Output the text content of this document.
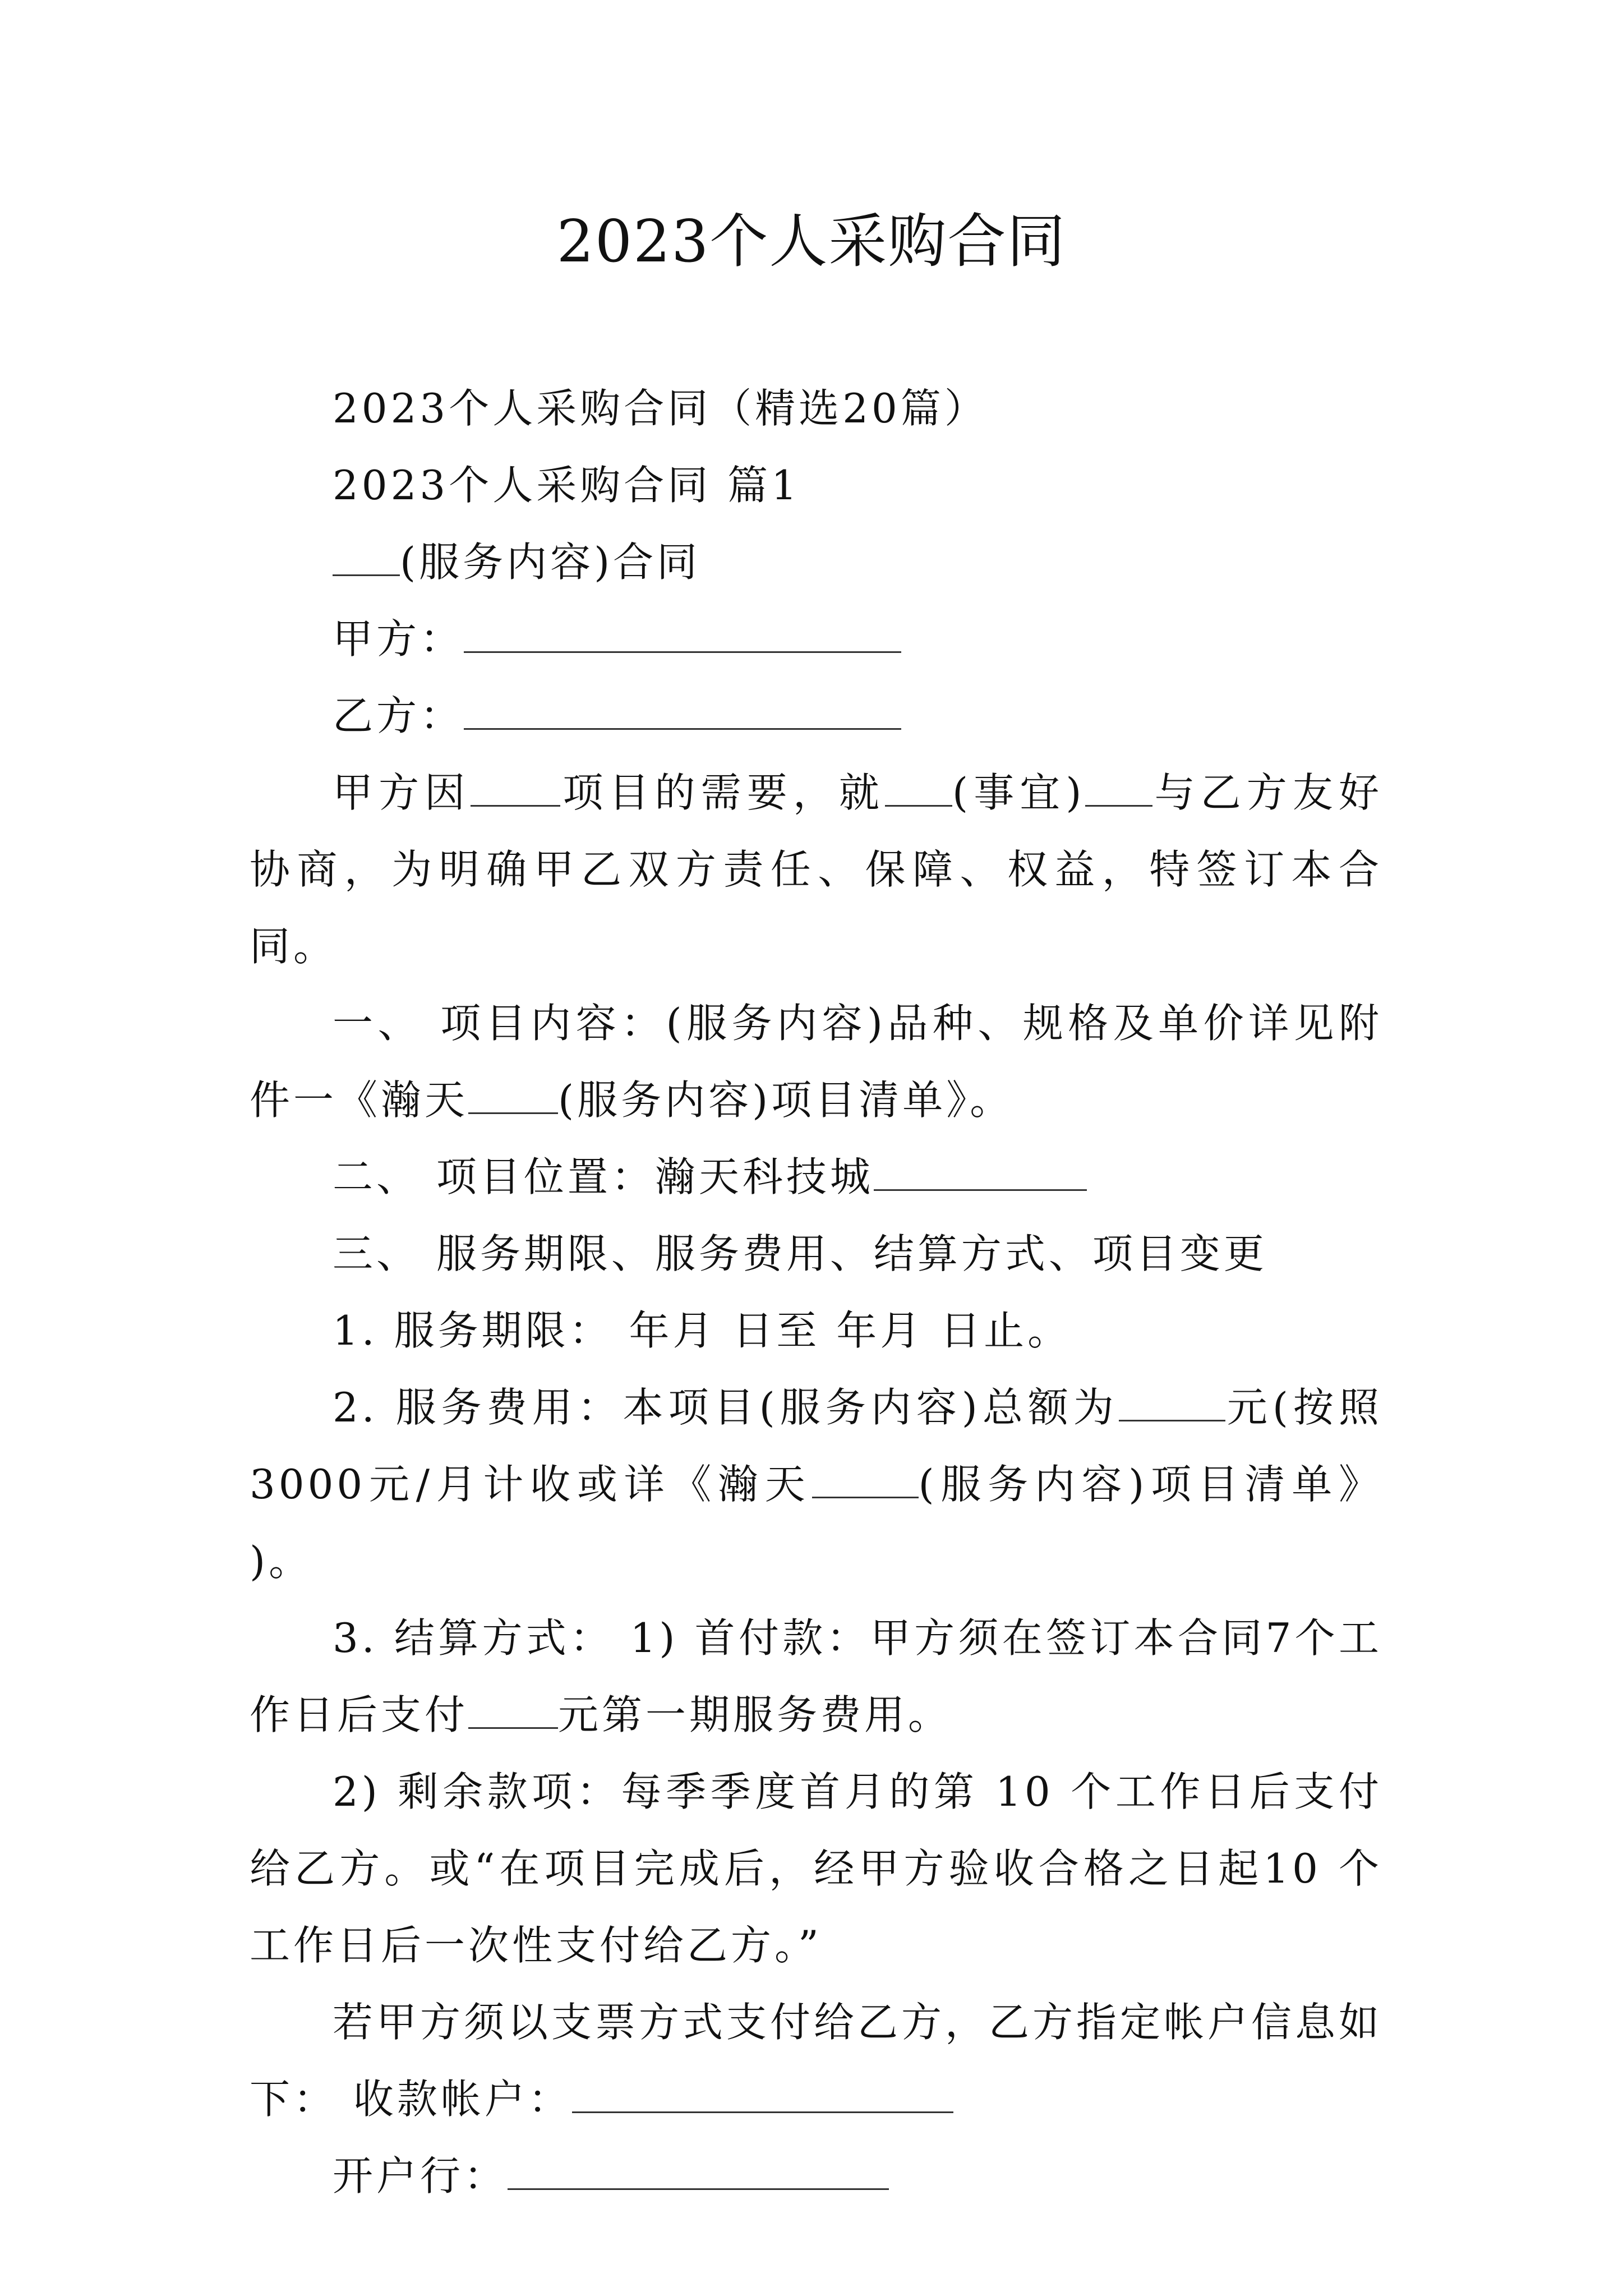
2023个人采购合同

2023个人采购合同（精选20篇）

2023个人采购合同 篇1

(服务内容)合同

甲方：

乙方：

甲方因 项目的需要，就 (事宜) 与乙方友好协商，为明确甲乙双方责任、保障、权益，特签订本合同。

一、 项目内容：(服务内容)品种、规格及单价详见附件一《瀚天 (服务内容)项目清单》。

二、 项目位置：瀚天科技城

三、 服务期限、服务费用、结算方式、项目变更

1. 服务期限： 年月 日至 年月 日止。

2. 服务费用：本项目(服务内容)总额为	元(按照3000元/月计收或详《瀚天	(服务内容)项目清单》 )。

3. 结算方式： 1) 首付款：甲方须在签订本合同7个工作日后支付 元第一期服务费用。

2) 剩余款项：每季季度首月的第 10 个工作日后支付给乙方。或“在项目完成后，经甲方验收合格之日起10 个工作日后一次性支付给乙方。”

若甲方须以支票方式支付给乙方，乙方指定帐户信息如下： 收款帐户：

开户行：
